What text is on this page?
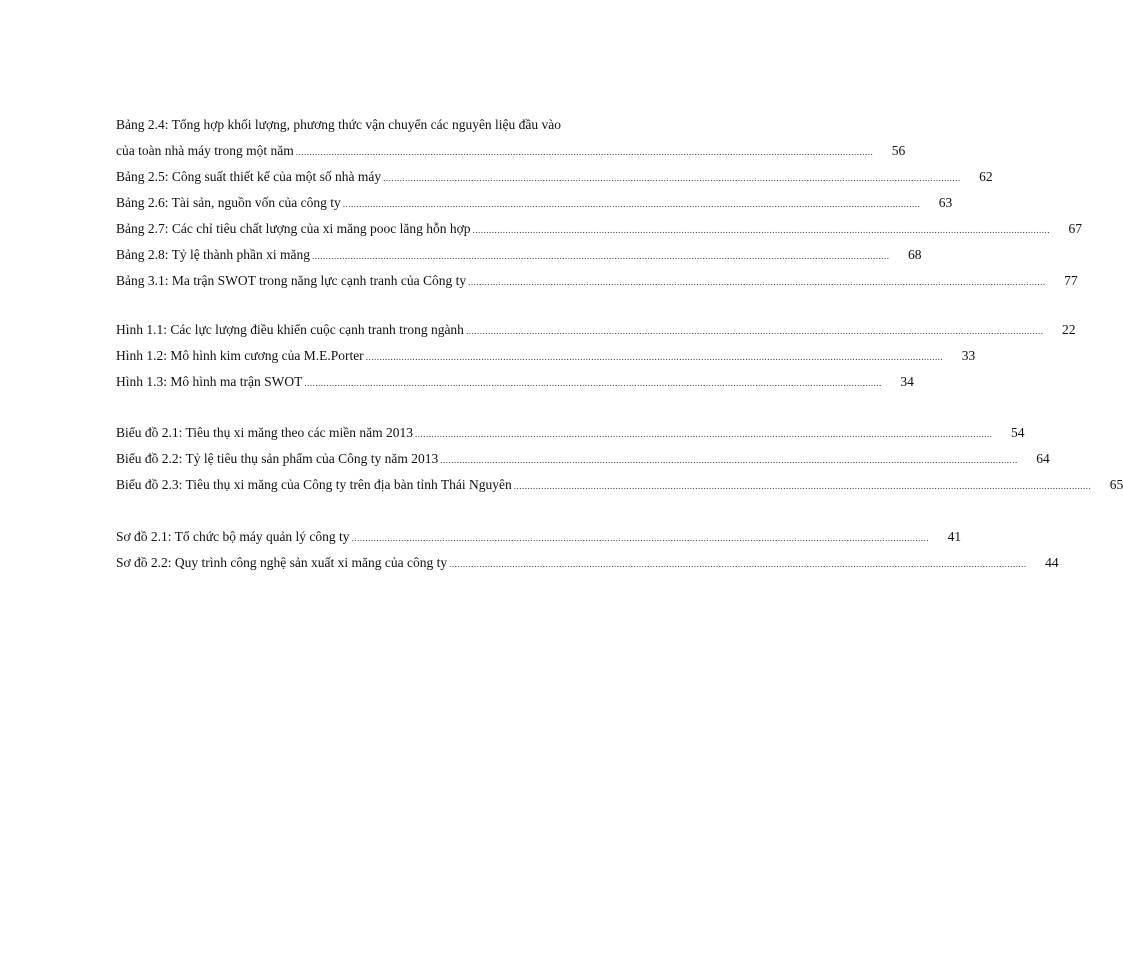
Bảng 2.4: Tổng hợp khối lượng, phương thức vận chuyển các nguyên liệu đầu vào
của toàn nhà máy trong một năm .....	56
Bảng 2.5: Công suất thiết kế của một số nhà máy .....	62
Bảng 2.6: Tài sản, nguồn vốn của công ty .....	63
Bảng 2.7: Các chỉ tiêu chất lượng của xi măng pooc lăng hỗn hợp .....	67
Bảng 2.8: Tỷ lệ thành phần xi măng .....	68
Bảng 3.1: Ma trận SWOT trong năng lực cạnh tranh của Công ty .....	77
Hình 1.1: Các lực lượng điều khiển cuộc cạnh tranh trong ngành .....	22
Hình 1.2: Mô hình kim cương của M.E.Porter .....	33
Hình 1.3: Mô hình ma trận SWOT .....	34
Biểu đồ 2.1: Tiêu thụ xi măng theo các miền năm 2013 .....	54
Biểu đồ 2.2: Tỷ lệ tiêu thụ sản phẩm của Công ty năm 2013 .....	64
Biểu đồ 2.3: Tiêu thụ xi măng của Công ty trên địa bàn tỉnh Thái Nguyên .....	65
Sơ đồ 2.1: Tổ chức bộ máy quản lý công ty .....	41
Sơ đồ 2.2: Quy trình công nghệ sản xuất xi măng của công ty .....	44
